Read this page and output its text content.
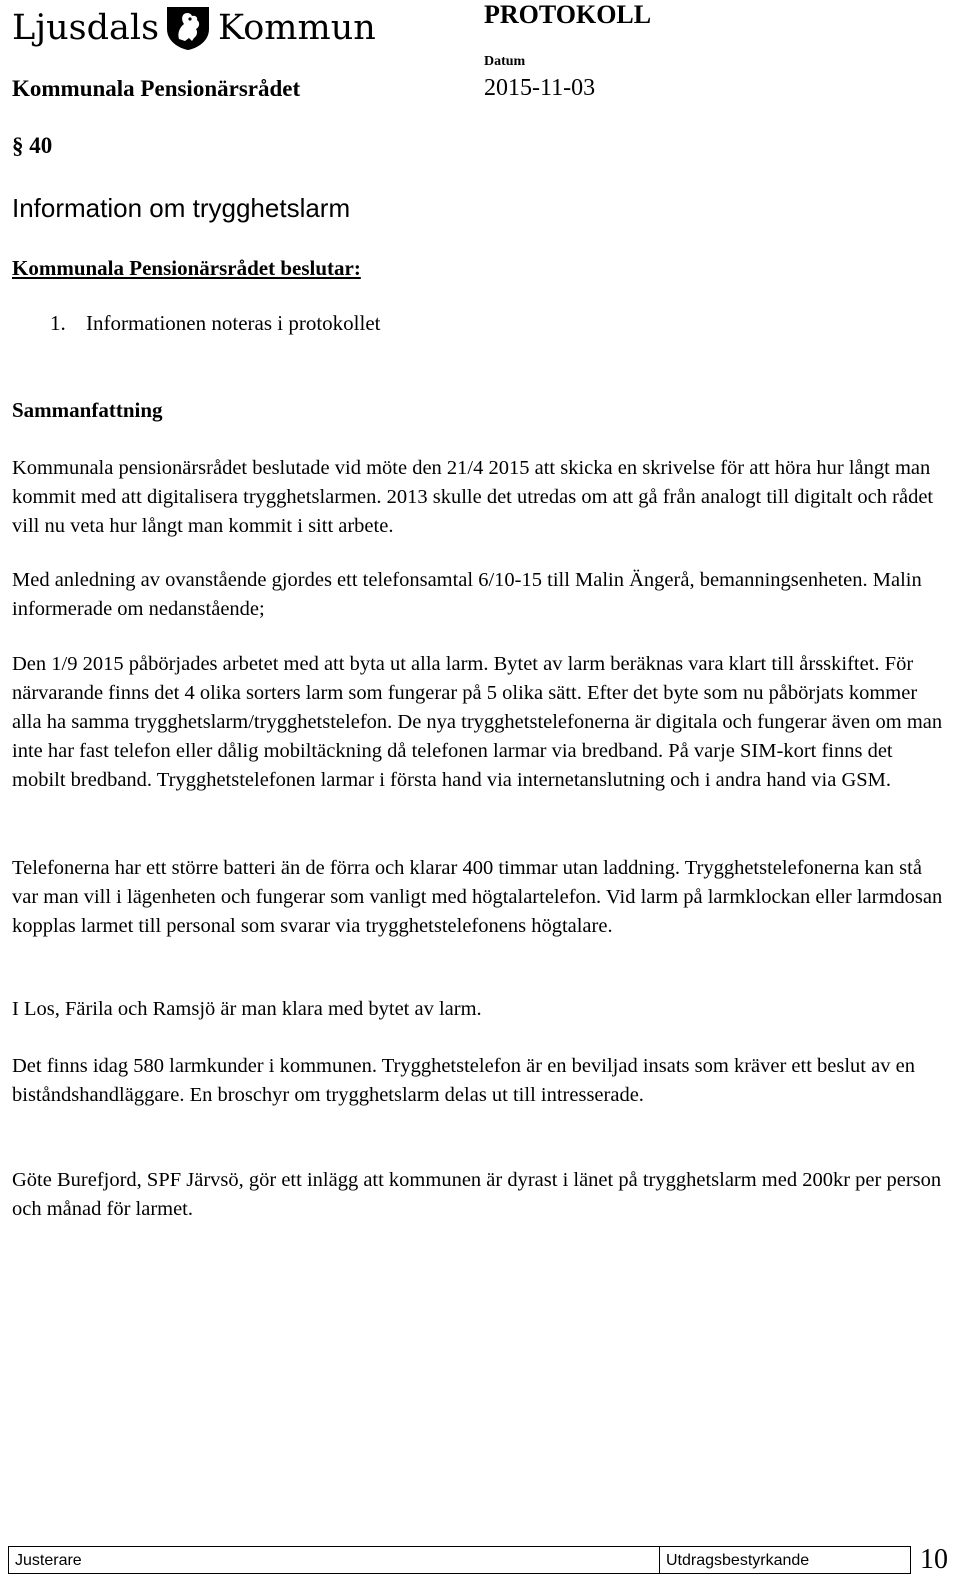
Ljusdals Kommun	PROTOKOLL
Datum
Kommunala Pensionärsrådet	2015-11-03
§ 40
Information om trygghetslarm
Kommunala Pensionärsrådet beslutar:
1. Informationen noteras i protokollet
Sammanfattning

Kommunala pensionärsrådet beslutade vid möte den 21/4 2015 att skicka en skrivelse för att höra hur långt man kommit med att digitalisera trygghetslarmen. 2013 skulle det utredas om att gå från analogt till digitalt och rådet vill nu veta hur långt man kommit i sitt arbete.

Med anledning av ovanstående gjordes ett telefonsamtal 6/10-15 till Malin Ängerå, bemanningsenheten. Malin informerade om nedanstående;

Den 1/9 2015 påbörjades arbetet med att byta ut alla larm. Bytet av larm beräknas vara klart till årsskiftet. För närvarande finns det 4 olika sorters larm som fungerar på 5 olika sätt. Efter det byte som nu påbörjats kommer alla ha samma trygghetslarm/trygghetstelefon. De nya trygghetstelefonerna är digitala och fungerar även om man inte har fast telefon eller dålig mobiltäckning då telefonen larmar via bredband. På varje SIM-kort finns det mobilt bredband. Trygghetstelefonen larmar i första hand via internetanslutning och i andra hand via GSM.

Telefonerna har ett större batteri än de förra och klarar 400 timmar utan laddning. Trygghetstelefonerna kan stå var man vill i lägenheten och fungerar som vanligt med högtalartelefon. Vid larm på larmklockan eller larmdosan kopplas larmet till personal som svarar via trygghetstelefonens högtalare.

I Los, Färila och Ramsjö är man klara med bytet av larm.

Det finns idag 580 larmkunder i kommunen. Trygghetstelefon är en beviljad insats som kräver ett beslut av en biståndshandläggare. En broschyr om trygghetslarm delas ut till intresserade.

Göte Burefjord, SPF Järvsö, gör ett inlägg att kommunen är dyrast i länet på trygghetslarm med 200kr per person och månad för larmet.

Justerare	Utdragsbestyrkande	10
